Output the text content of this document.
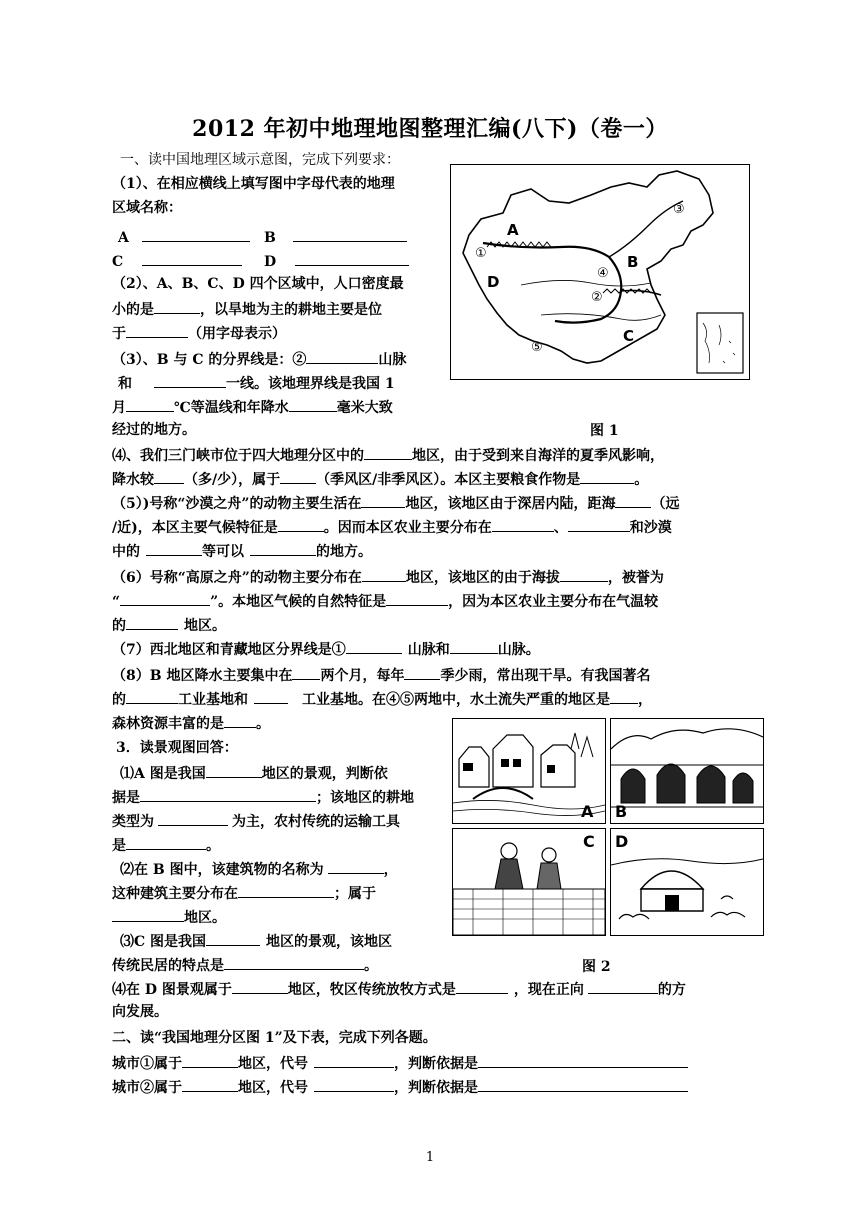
2012 年初中地理地图整理汇编(八下)（卷一）
一、读中国地理区域示意图，完成下列要求：
（1）、在相应横线上填写图中字母代表的地理
区域名称：
A	B
C	D
（2）、A、B、C、D 四个区域中，人口密度最
小的是	，以旱地为主的耕地主要是位
于	（用字母表示）
（3）、B 与 C 的分界线是：②	山脉
和	一线。该地理界线是我国 1
月	℃等温线和年降水	毫米大致
经过的地方。
A
B
C
D
①
②
③
④
⑤
图 1
⑷、我们三门峡市位于四大地理分区中的	地区，由于受到来自海洋的夏季风影响，
降水较 （多/少），属于	（季风区/非季风区）。本区主要粮食作物是	。
（5）)号称“沙漠之舟”的动物主要生活在	地区，该地区由于深居内陆，距海	（远
/近)，本区主要气候特征是	。因而本区农业主要分布在	、	和沙漠
中的	等可以	的地方。
（6）号称“高原之舟”的动物主要分布在	地区，该地区的由于海拔	，被誉为
“	”。本地区气候的自然特征是	，因为本区农业主要分布在气温较
的	地区。
（7）西北地区和青藏地区分界线是①	山脉和	山脉。
（8）B 地区降水主要集中在 两个月，每年	季少雨，常出现干旱。有我国著名
的	工业基地和	工业基地。在④⑤两地中，水土流失严重的地区是 ，
森林资源丰富的是 。
3．读景观图回答：
⑴A 图是我国	地区的景观，判断依
据是	；该地区的耕地
类型为	为主，农村传统的运输工具
是	。
⑵在 B 图中，该建筑物的名称为	，
这种建筑主要分布在	；属于
地区。
⑶C 图是我国	地区的景观，该地区
传统民居的特点是	。
A B
C D
图 2
⑷在 D 图景观属于	地区，牧区传统放牧方式是	，现在正向	的方
向发展。
二、读“我国地理分区图 1”及下表，完成下列各题。
城市①属于	地区，代号	，判断依据是
城市②属于	地区，代号	，判断依据是
1
